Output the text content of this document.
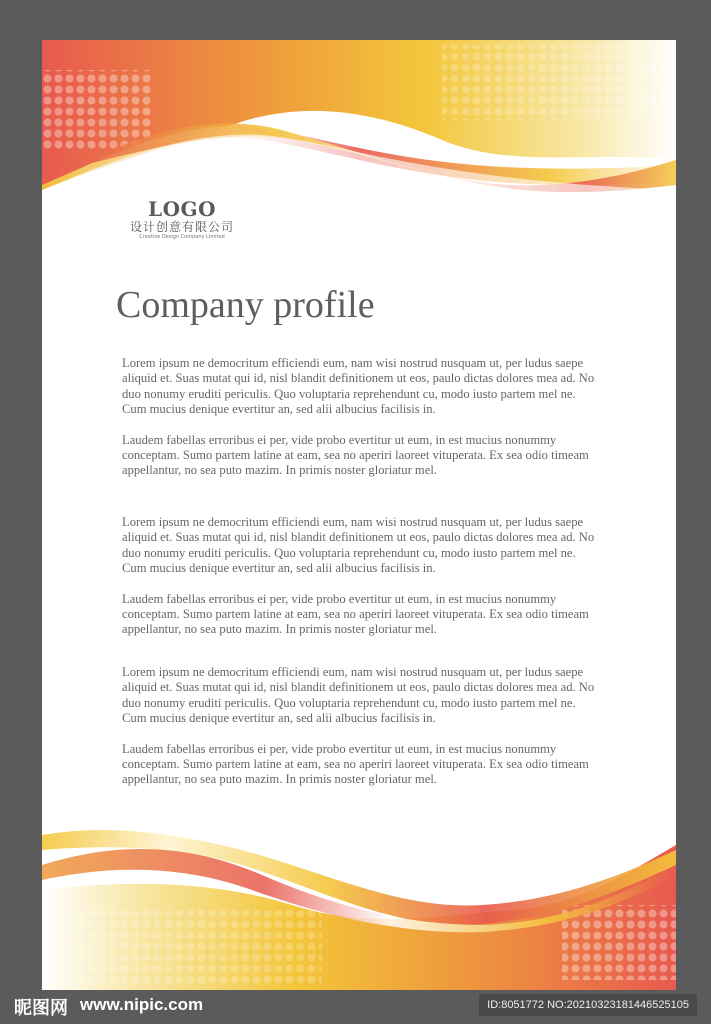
LOGO
设计创意有限公司
Creative Design Company Limited
Company profile

Lorem ipsum ne democritum efficiendi eum, nam wisi nostrud nusquam ut, per ludus saepe aliquid et. Suas mutat qui id, nisl blandit definitionem ut eos, paulo dictas dolores mea ad. No duo nonumy eruditi periculis. Quo voluptaria reprehendunt cu, modo iusto partem mel ne. Cum mucius denique evertitur an, sed alii albucius facilisis in.

Laudem fabellas erroribus ei per, vide probo evertitur ut eum, in est mucius nonummy conceptam. Sumo partem latine at eam, sea no aperiri laoreet vituperata. Ex sea odio timeam appellantur, no sea puto mazim. In primis noster gloriatur mel.

Lorem ipsum ne democritum efficiendi eum, nam wisi nostrud nusquam ut, per ludus saepe aliquid et. Suas mutat qui id, nisl blandit definitionem ut eos, paulo dictas dolores mea ad. No duo nonumy eruditi periculis. Quo voluptaria reprehendunt cu, modo iusto partem mel ne. Cum mucius denique evertitur an, sed alii albucius facilisis in.

Laudem fabellas erroribus ei per, vide probo evertitur ut eum, in est mucius nonummy conceptam. Sumo partem latine at eam, sea no aperiri laoreet vituperata. Ex sea odio timeam appellantur, no sea puto mazim. In primis noster gloriatur mel.

Lorem ipsum ne democritum efficiendi eum, nam wisi nostrud nusquam ut, per ludus saepe aliquid et. Suas mutat qui id, nisl blandit definitionem ut eos, paulo dictas dolores mea ad. No duo nonumy eruditi periculis. Quo voluptaria reprehendunt cu, modo iusto partem mel ne. Cum mucius denique evertitur an, sed alii albucius facilisis in.

Laudem fabellas erroribus ei per, vide probo evertitur ut eum, in est mucius nonummy conceptam. Sumo partem latine at eam, sea no aperiri laoreet vituperata. Ex sea odio timeam appellantur, no sea puto mazim. In primis noster gloriatur mel.

昵图网 www.nipic.com	ID:8051772 NO:20210323181446525105
